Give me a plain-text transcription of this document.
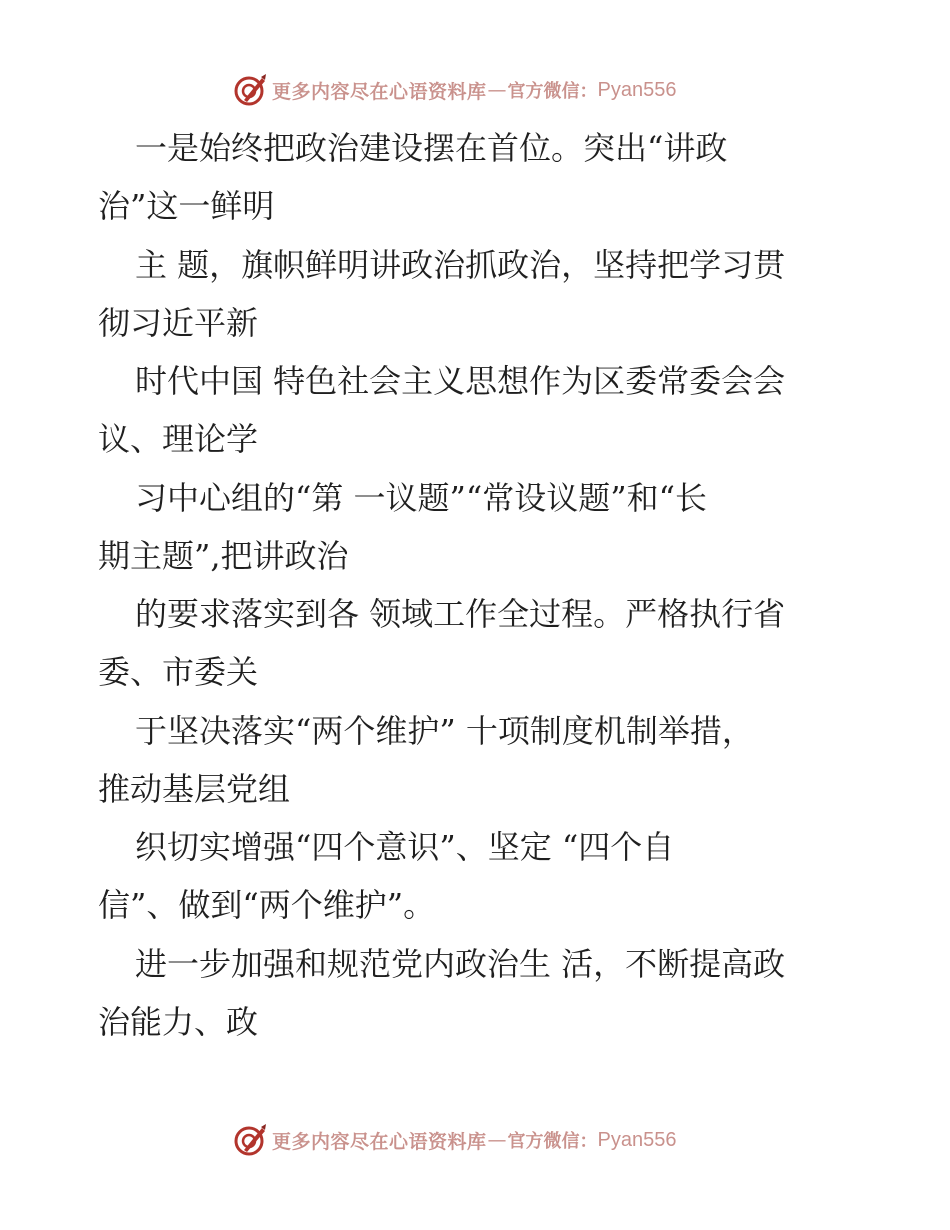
更多内容尽在心语资料库 — 官方微信： Pyan556
一是始终把政治建设摆在首位。突出“讲政
治”这一鲜明
主 题，旗帜鲜明讲政治抓政治，坚持把学习贯
彻习近平新
时代中国 特色社会主义思想作为区委常委会会
议、理论学
习中心组的“第 一议题”“常设议题”和“长
期主题”,把讲政治
的要求落实到各 领域工作全过程。严格执行省
委、市委关
于坚决落实“两个维护” 十项制度机制举措，
推动基层党组
织切实增强“四个意识”、坚定 “四个自
信”、做到“两个维护”。
进一步加强和规范党内政治生 活，不断提高政
治能力、政
更多内容尽在心语资料库 — 官方微信： Pyan556
